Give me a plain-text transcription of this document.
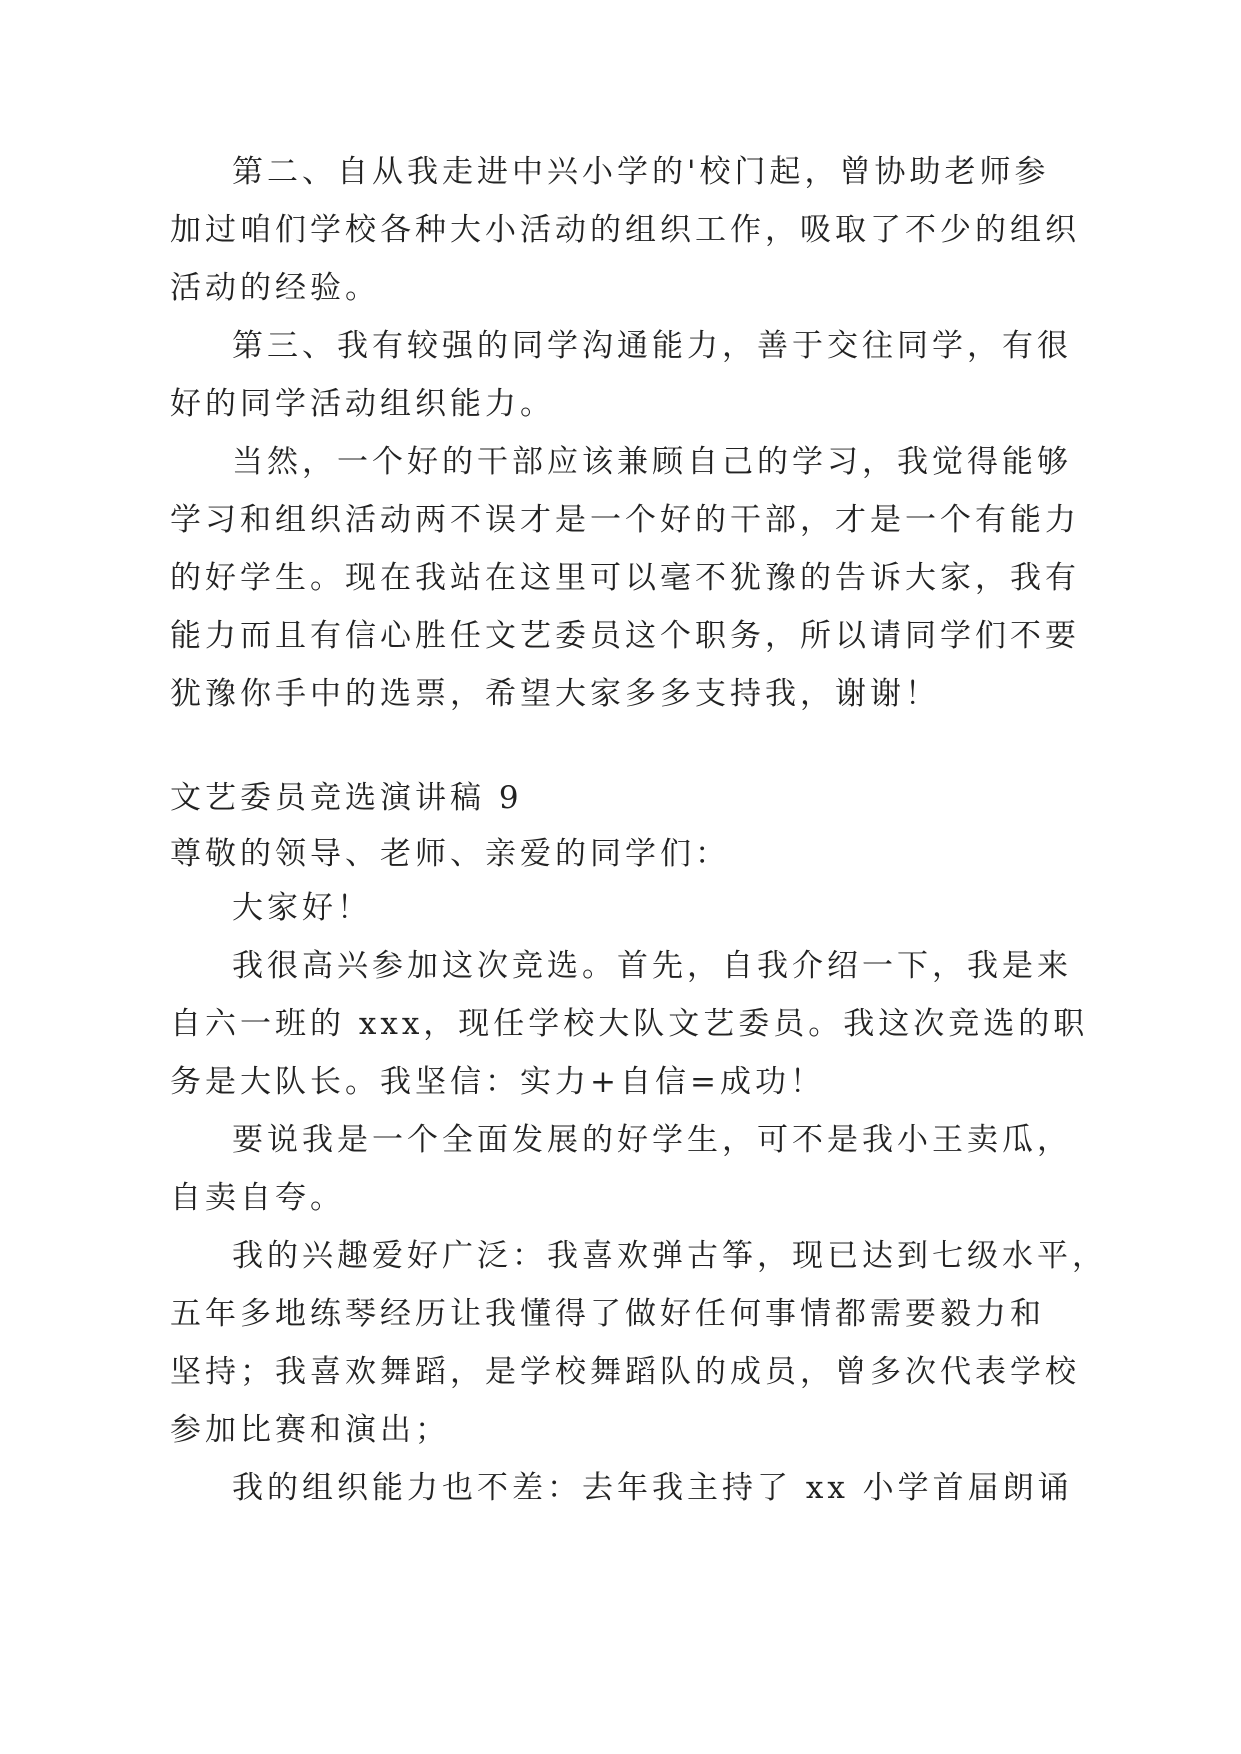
第二、自从我走进中兴小学的'校门起，曾协助老师参
加过咱们学校各种大小活动的组织工作，吸取了不少的组织
活动的经验。
第三、我有较强的同学沟通能力，善于交往同学，有很
好的同学活动组织能力。
当然，一个好的干部应该兼顾自己的学习，我觉得能够
学习和组织活动两不误才是一个好的干部，才是一个有能力
的好学生。现在我站在这里可以毫不犹豫的告诉大家，我有
能力而且有信心胜任文艺委员这个职务，所以请同学们不要
犹豫你手中的选票，希望大家多多支持我，谢谢！
文艺委员竞选演讲稿 9
尊敬的领导、老师、亲爱的同学们：
大家好！
我很高兴参加这次竞选。首先，自我介绍一下，我是来
自六一班的 xxx，现任学校大队文艺委员。我这次竞选的职
务是大队长。我坚信：实力+自信=成功！
要说我是一个全面发展的好学生，可不是我小王卖瓜，
自卖自夸。
我的兴趣爱好广泛：我喜欢弹古筝，现已达到七级水平，
五年多地练琴经历让我懂得了做好任何事情都需要毅力和
坚持；我喜欢舞蹈，是学校舞蹈队的成员，曾多次代表学校
参加比赛和演出；
我的组织能力也不差：去年我主持了 xx 小学首届朗诵
